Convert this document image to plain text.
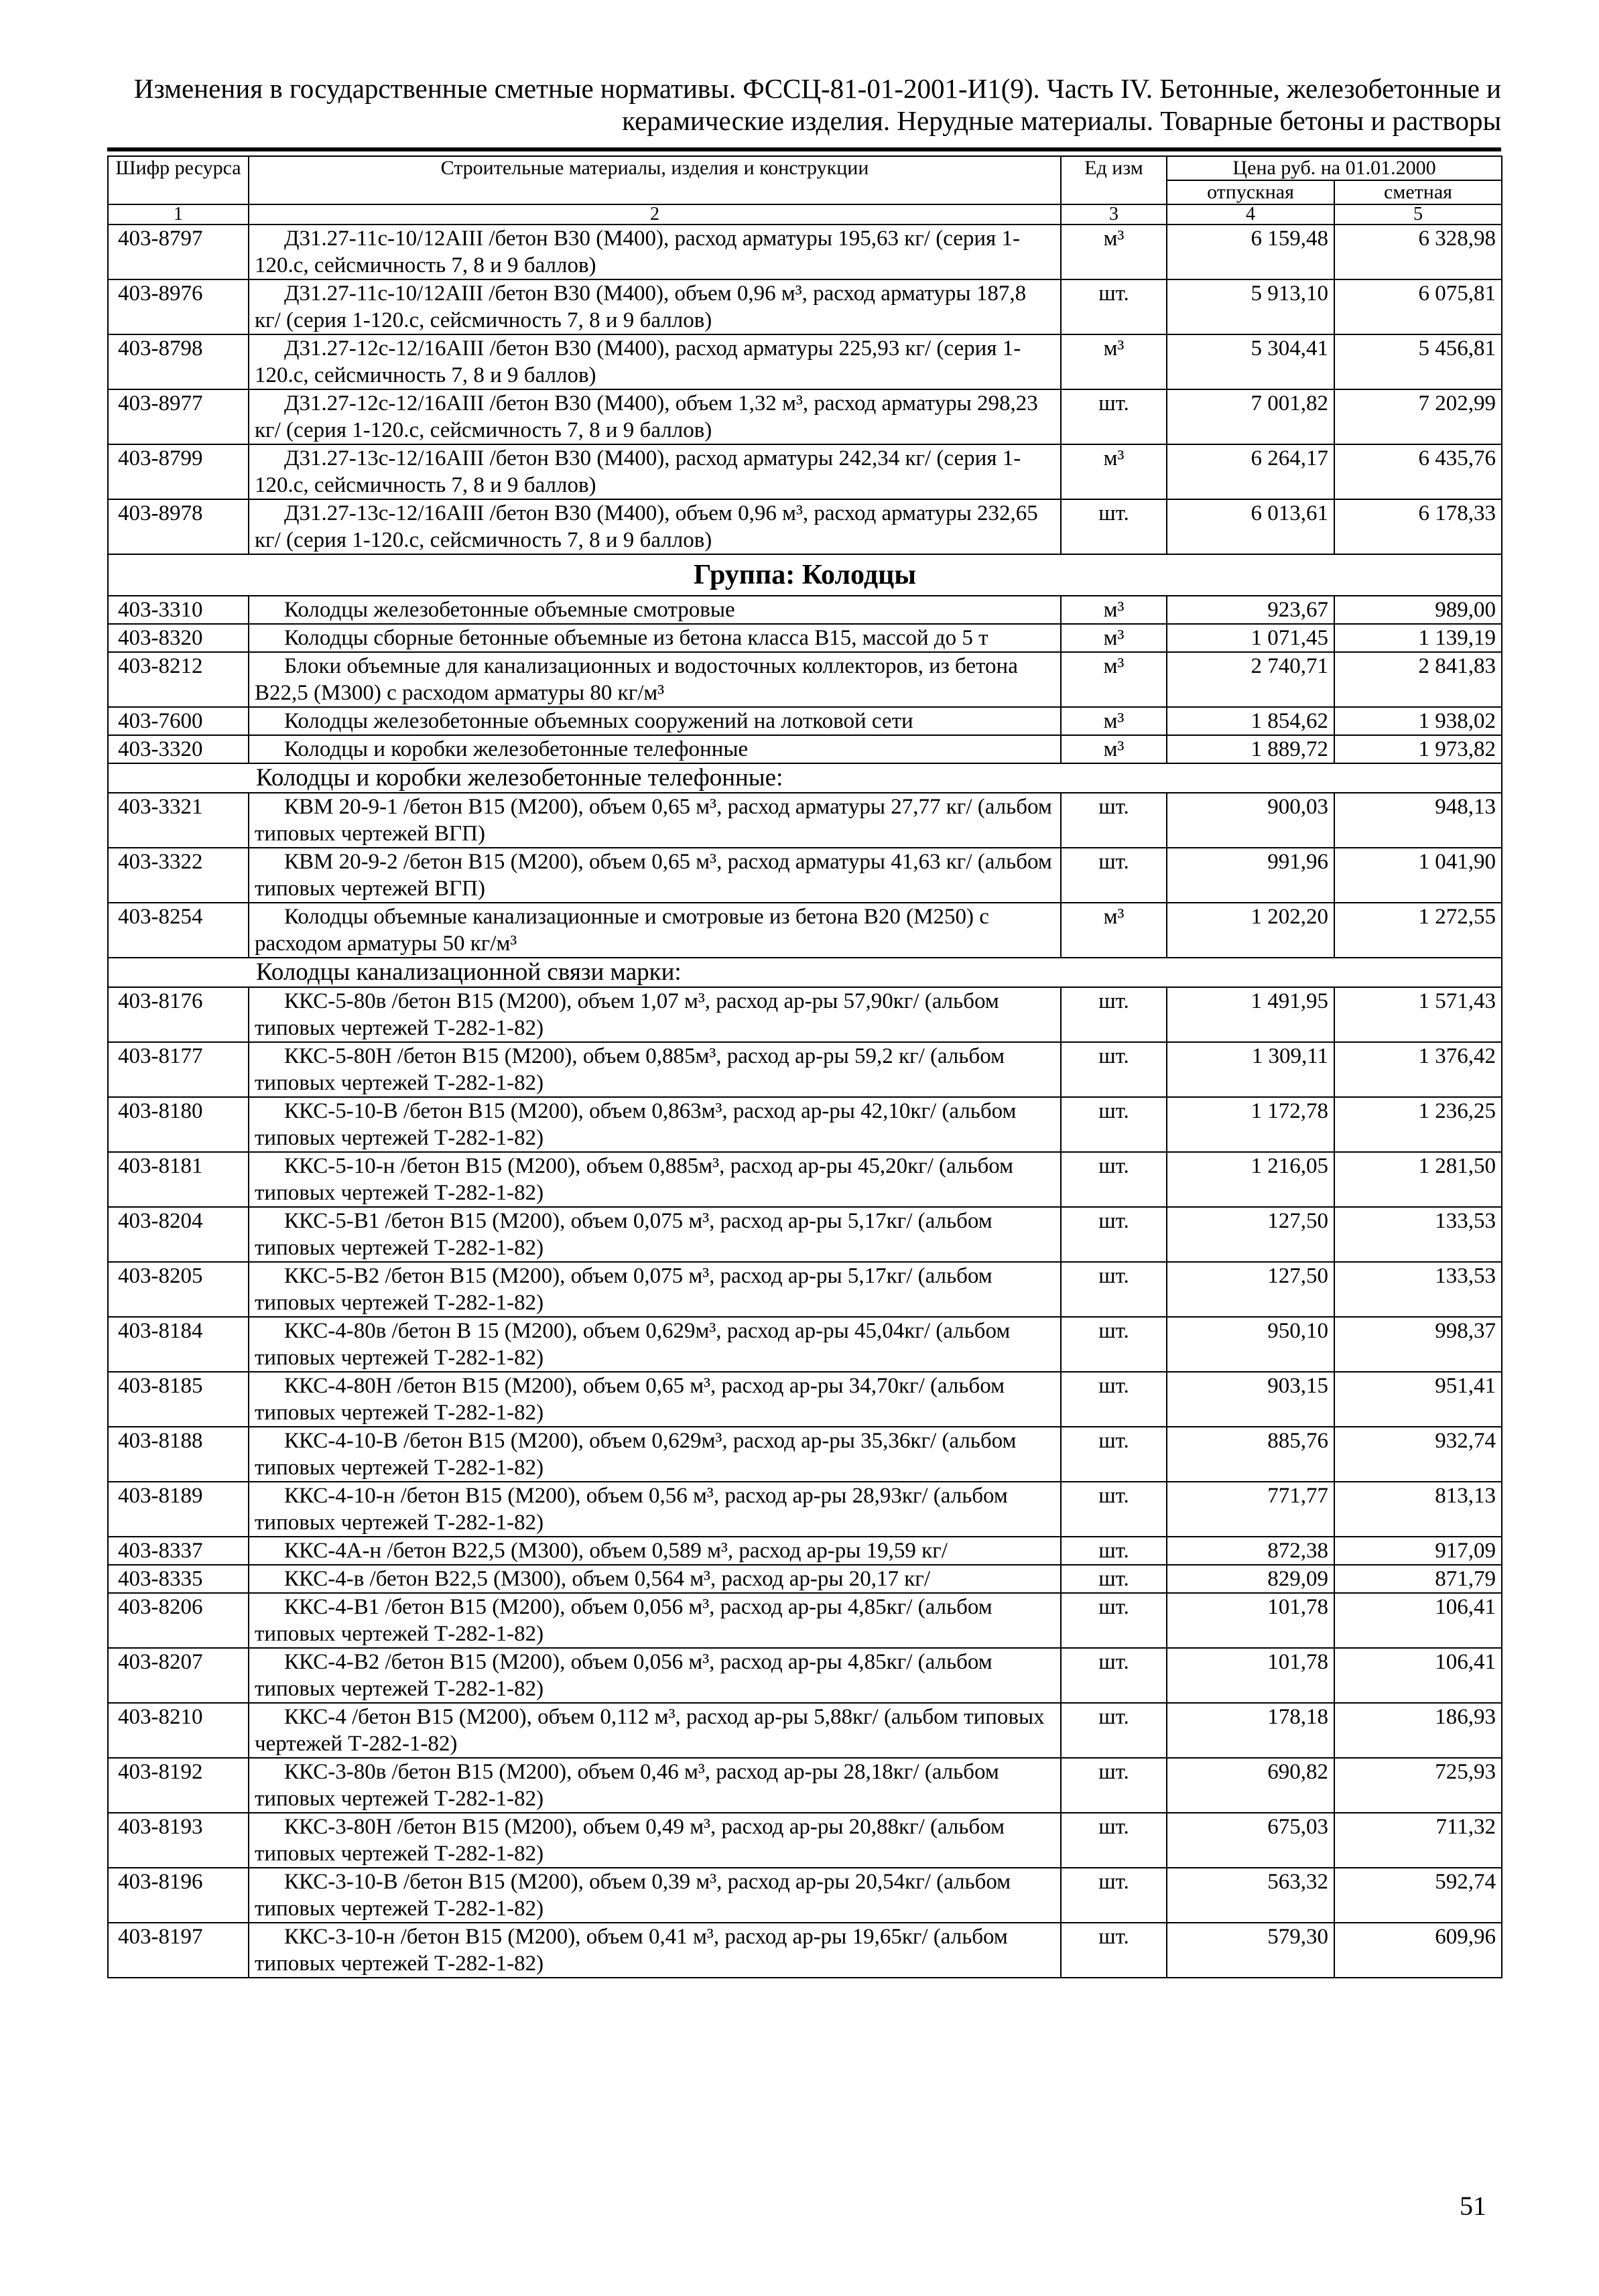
Изменения в государственные сметные нормативы. ФССЦ-81-01-2001-И1(9). Часть IV. Бетонные, железобетонные и
керамические изделия. Нерудные материалы. Товарные бетоны и растворы
Шифр ресурса	Строительные материалы, изделия и конструкции	Ед изм	Цена руб. на 01.01.2000	
			отпускная	сметная
1	2	3	4	5
403-8797	Д31.27-11с-10/12АIII /бетон В30 (М400), расход арматуры 195,63 кг/ (серия 1-120.с, сейсмичность 7, 8 и 9 баллов)	м³	6 159,48	6 328,98
403-8976	Д31.27-11с-10/12АIII /бетон В30 (М400), объем 0,96 м³, расход арматуры 187,8 кг/ (серия 1-120.с, сейсмичность 7, 8 и 9 баллов)	шт.	5 913,10	6 075,81
403-8798	Д31.27-12с-12/16АIII /бетон В30 (М400), расход арматуры 225,93 кг/ (серия 1-120.с, сейсмичность 7, 8 и 9 баллов)	м³	5 304,41	5 456,81
403-8977	Д31.27-12с-12/16АIII /бетон В30 (М400), объем 1,32 м³, расход арматуры 298,23 кг/ (серия 1-120.с, сейсмичность 7, 8 и 9 баллов)	шт.	7 001,82	7 202,99
403-8799	Д31.27-13с-12/16АIII /бетон В30 (М400), расход арматуры 242,34 кг/ (серия 1-120.с, сейсмичность 7, 8 и 9 баллов)	м³	6 264,17	6 435,76
403-8978	Д31.27-13с-12/16АIII /бетон В30 (М400), объем 0,96 м³, расход арматуры 232,65 кг/ (серия 1-120.с, сейсмичность 7, 8 и 9 баллов)	шт.	6 013,61	6 178,33
Группа: Колодцы				
403-3310	Колодцы железобетонные объемные смотровые	м³	923,67	989,00
403-8320	Колодцы сборные бетонные объемные из бетона класса В15, массой до 5 т	м³	1 071,45	1 139,19
403-8212	Блоки объемные для канализационных и водосточных коллекторов, из бетона В22,5 (М300) с расходом арматуры 80 кг/м³	м³	2 740,71	2 841,83
403-7600	Колодцы железобетонные объемных сооружений на лотковой сети	м³	1 854,62	1 938,02
403-3320	Колодцы и коробки железобетонные телефонные	м³	1 889,72	1 973,82
Колодцы и коробки железобетонные телефонные:				
403-3321	КВМ 20-9-1 /бетон В15 (М200), объем 0,65 м³, расход арматуры 27,77 кг/ (альбом типовых чертежей ВГП)	шт.	900,03	948,13
403-3322	КВМ 20-9-2 /бетон В15 (М200), объем 0,65 м³, расход арматуры 41,63 кг/ (альбом типовых чертежей ВГП)	шт.	991,96	1 041,90
403-8254	Колодцы объемные канализационные и смотровые из бетона В20 (М250) с расходом арматуры 50 кг/м³	м³	1 202,20	1 272,55
Колодцы канализационной связи марки:				
403-8176	ККС-5-80в /бетон В15 (М200), объем 1,07 м³, расход ар-ры 57,90кг/ (альбом типовых чертежей Т-282-1-82)	шт.	1 491,95	1 571,43
403-8177	ККС-5-80Н /бетон В15 (М200), объем 0,885м³, расход ар-ры 59,2 кг/ (альбом типовых чертежей Т-282-1-82)	шт.	1 309,11	1 376,42
403-8180	ККС-5-10-В /бетон В15 (М200), объем 0,863м³, расход ар-ры 42,10кг/ (альбом типовых чертежей Т-282-1-82)	шт.	1 172,78	1 236,25
403-8181	ККС-5-10-н /бетон В15 (М200), объем 0,885м³, расход ар-ры 45,20кг/ (альбом типовых чертежей Т-282-1-82)	шт.	1 216,05	1 281,50
403-8204	ККС-5-В1 /бетон В15 (М200), объем 0,075 м³, расход ар-ры 5,17кг/ (альбом типовых чертежей Т-282-1-82)	шт.	127,50	133,53
403-8205	ККС-5-В2 /бетон В15 (М200), объем 0,075 м³, расход ар-ры 5,17кг/ (альбом типовых чертежей Т-282-1-82)	шт.	127,50	133,53
403-8184	ККС-4-80в /бетон В 15 (М200), объем 0,629м³, расход ар-ры 45,04кг/ (альбом типовых чертежей Т-282-1-82)	шт.	950,10	998,37
403-8185	ККС-4-80Н /бетон В15 (М200), объем 0,65 м³, расход ар-ры 34,70кг/ (альбом типовых чертежей Т-282-1-82)	шт.	903,15	951,41
403-8188	ККС-4-10-В /бетон В15 (М200), объем 0,629м³, расход ар-ры 35,36кг/ (альбом типовых чертежей Т-282-1-82)	шт.	885,76	932,74
403-8189	ККС-4-10-н /бетон В15 (М200), объем 0,56 м³, расход ар-ры 28,93кг/ (альбом типовых чертежей Т-282-1-82)	шт.	771,77	813,13
403-8337	ККС-4А-н /бетон В22,5 (М300), объем 0,589 м³, расход ар-ры 19,59 кг/	шт.	872,38	917,09
403-8335	ККС-4-в /бетон В22,5 (М300), объем 0,564 м³, расход ар-ры 20,17 кг/	шт.	829,09	871,79
403-8206	ККС-4-В1 /бетон В15 (М200), объем 0,056 м³, расход ар-ры 4,85кг/ (альбом типовых чертежей Т-282-1-82)	шт.	101,78	106,41
403-8207	ККС-4-В2 /бетон В15 (М200), объем 0,056 м³, расход ар-ры 4,85кг/ (альбом типовых чертежей Т-282-1-82)	шт.	101,78	106,41
403-8210	ККС-4 /бетон В15 (М200), объем 0,112 м³, расход ар-ры 5,88кг/ (альбом типовых чертежей Т-282-1-82)	шт.	178,18	186,93
403-8192	ККС-3-80в /бетон В15 (М200), объем 0,46 м³, расход ар-ры 28,18кг/ (альбом типовых чертежей Т-282-1-82)	шт.	690,82	725,93
403-8193	ККС-3-80Н /бетон В15 (М200), объем 0,49 м³, расход ар-ры 20,88кг/ (альбом типовых чертежей Т-282-1-82)	шт.	675,03	711,32
403-8196	ККС-3-10-В /бетон В15 (М200), объем 0,39 м³, расход ар-ры 20,54кг/ (альбом типовых чертежей Т-282-1-82)	шт.	563,32	592,74
403-8197	ККС-3-10-н /бетон В15 (М200), объем 0,41 м³, расход ар-ры 19,65кг/ (альбом типовых чертежей Т-282-1-82)	шт.	579,30	609,96
51
